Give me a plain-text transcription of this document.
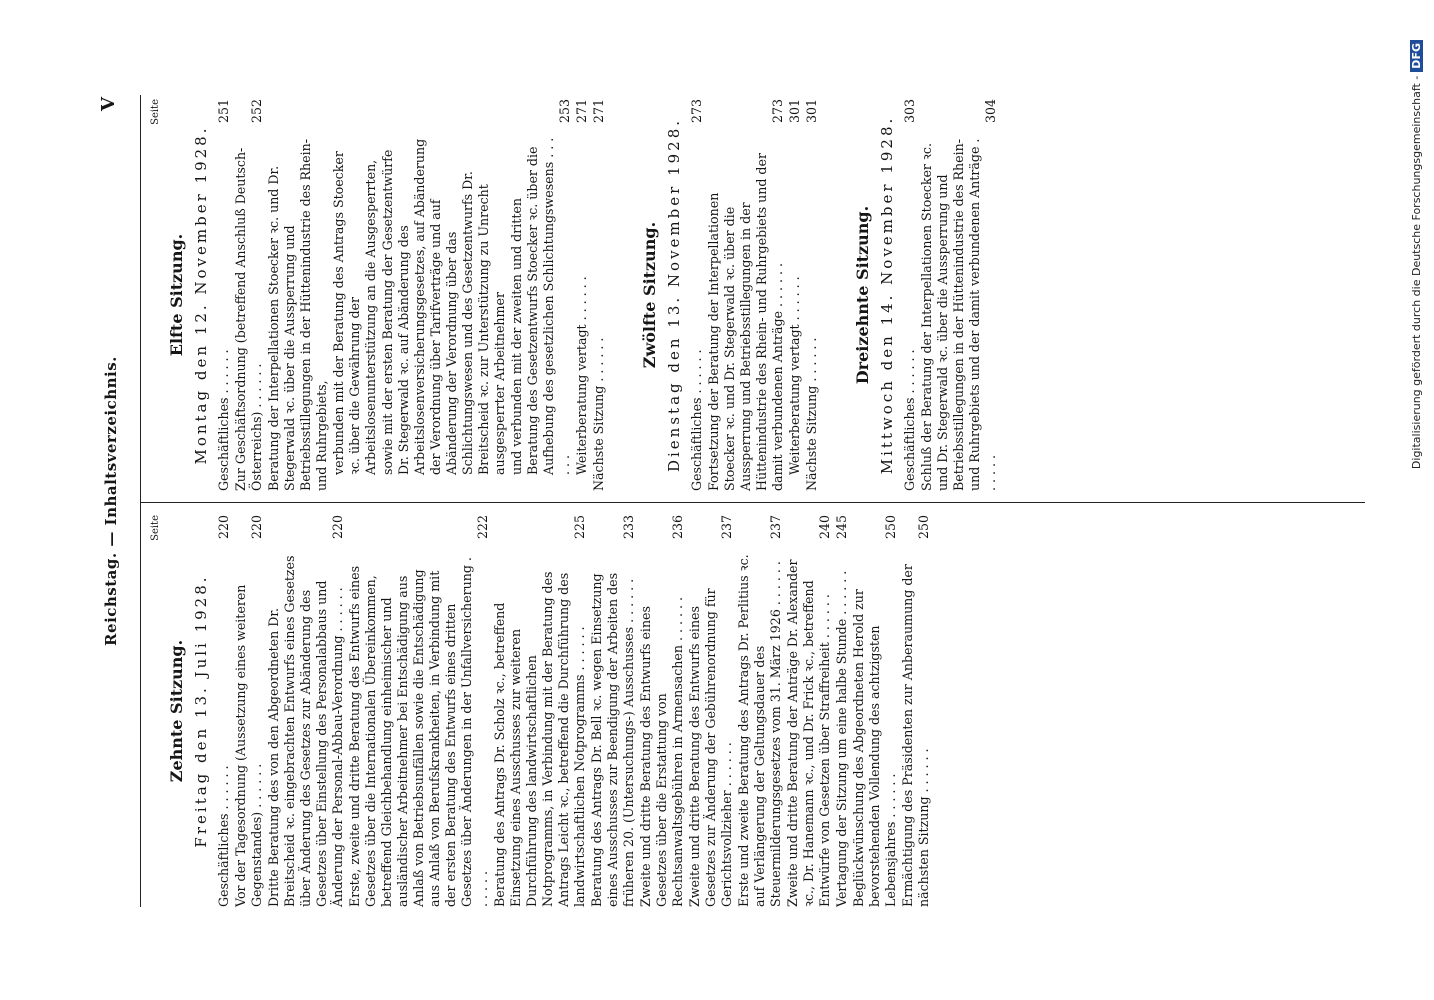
Reichstag. — Inhaltsverzeichnis.
V
Seite
Zehnte Sitzung. Freitag den 13. Juli 1928.
Geschäftliches . . .
220
Vor der Tagesordnung (Aussetzung eines weiteren Gegenstandes) . . .
220
Dritte Beratung des von den Abgeordneten Dr. Breitscheid ꝛc. eingebrachten Entwurfs eines Gesetzes über Änderung des Gesetzes zur Abänderung des Gesetzes über Einstellung des Personalabbaus und Änderung der Personal-Abbau-Verordnung . . .
220
Erste, zweite und dritte Beratung des Entwurfs eines Gesetzes über die Internationalen Übereinkommen, betreffend Gleichbehandlung einheimischer und ausländischer Arbeitnehmer bei Entschädigung aus Anlaß von Betriebsunfällen sowie die Entschädigung aus Anlaß von Berufskrankheiten, in Verbindung mit der ersten Beratung des Entwurfs eines dritten Gesetzes über Änderungen in der Unfallversicherung . . .
222
Beratung des Antrags Dr. Scholz ꝛc., betreffend Einsetzung eines Ausschusses zur weiteren Durchführung des landwirtschaftlichen Notprogramms, in Verbindung mit der Beratung des Antrags Leicht ꝛc., betreffend die Durchführung des landwirtschaftlichen Notprogramms . . .
225
Beratung des Antrags Dr. Bell ꝛc. wegen Einsetzung eines Ausschusses zur Beendigung der Arbeiten des früheren 20. (Untersuchungs-) Ausschusses . . .
233
Zweite und dritte Beratung des Entwurfs eines Gesetzes über die Erstattung von Rechtsanwaltsgebühren in Armensachen . . .
236
Zweite und dritte Beratung des Entwurfs eines Gesetzes zur Änderung der Gebührenordnung für Gerichtsvollzieher . . .
237
Erste und zweite Beratung des Antrags Dr. Perlitius ꝛc. auf Verlängerung der Geltungsdauer des Steuermilderungsgesetzes vom 31. März 1926 . . .
237
Zweite und dritte Beratung der Anträge Dr. Alexander ꝛc., Dr. Hanemann ꝛc., und Dr. Frick ꝛc., betreffend Entwürfe von Gesetzen über Straffreiheit . . .
240
Vertagung der Sitzung um eine halbe Stunde . . .
245
Beglückwünschung des Abgeordneten Herold zur bevorstehenden Vollendung des achtzigsten Lebensjahres . . .
250
Ermächtigung des Präsidenten zur Anberaumung der nächsten Sitzung . . .
250
Seite
Elfte Sitzung. Montag den 12. November 1928. Geschäftliches . . .
251
Zur Geschäftsordnung (betreffend Anschluß Deutsch-Österreichs) . . .
252
Beratung der Interpellationen Stoecker ꝛc. und Dr. Stegerwald ꝛc. über die Aussperrung und Betriebsstillegungen in der Hüttenindustrie des Rhein- und Ruhrgebiets, verbunden mit der Beratung des Antrags Stoecker ꝛc. über die Gewährung der Arbeitslosenunterstützung an die Ausgesperrten, sowie mit der ersten Beratung der Gesetzentwürfe Dr. Stegerwald ꝛc. auf Abänderung des Arbeitslosenversicherungsgesetzes, auf Abänderung der Verordnung über Tarifverträge und auf Abänderung der Verordnung über das Schlichtungswesen und des Gesetzentwurfs Dr. Breitscheid ꝛc. zur Unterstützung zu Unrecht ausgesperrter Arbeitnehmer und verbunden mit der zweiten und dritten Beratung des Gesetzentwurfs Stoecker ꝛc. über die Aufhebung des gesetzlichen Schlichtungswesens . . .
253
Weiterberatung vertagt . . .
271
Nächste Sitzung . . .
271
Zwölfte Sitzung. Dienstag den 13. November 1928. Geschäftliches . . .
273
Fortsetzung der Beratung der Interpellationen Stoecker ꝛc. und Dr. Stegerwald ꝛc. über die Aussperrung und Betriebsstillegungen in der Hüttenindustrie des Rhein- und Ruhrgebiets und der damit verbundenen Anträge . . .
273
Weiterberatung vertagt . . .
301
Nächste Sitzung . . .
301
Dreizehnte Sitzung. Mittwoch den 14. November 1928. Geschäftliches . . .
303
Schluß der Beratung der Interpellationen Stoecker ꝛc. und Dr. Stegerwald ꝛc. über die Aussperrung und Betriebsstillegungen in der Hüttenindustrie des Rhein- und Ruhrgebiets und der damit verbundenen Anträge . . .
304	Digitalisierung gefördert durch die Deutsche Forschungsgemeinschaft -DFG
